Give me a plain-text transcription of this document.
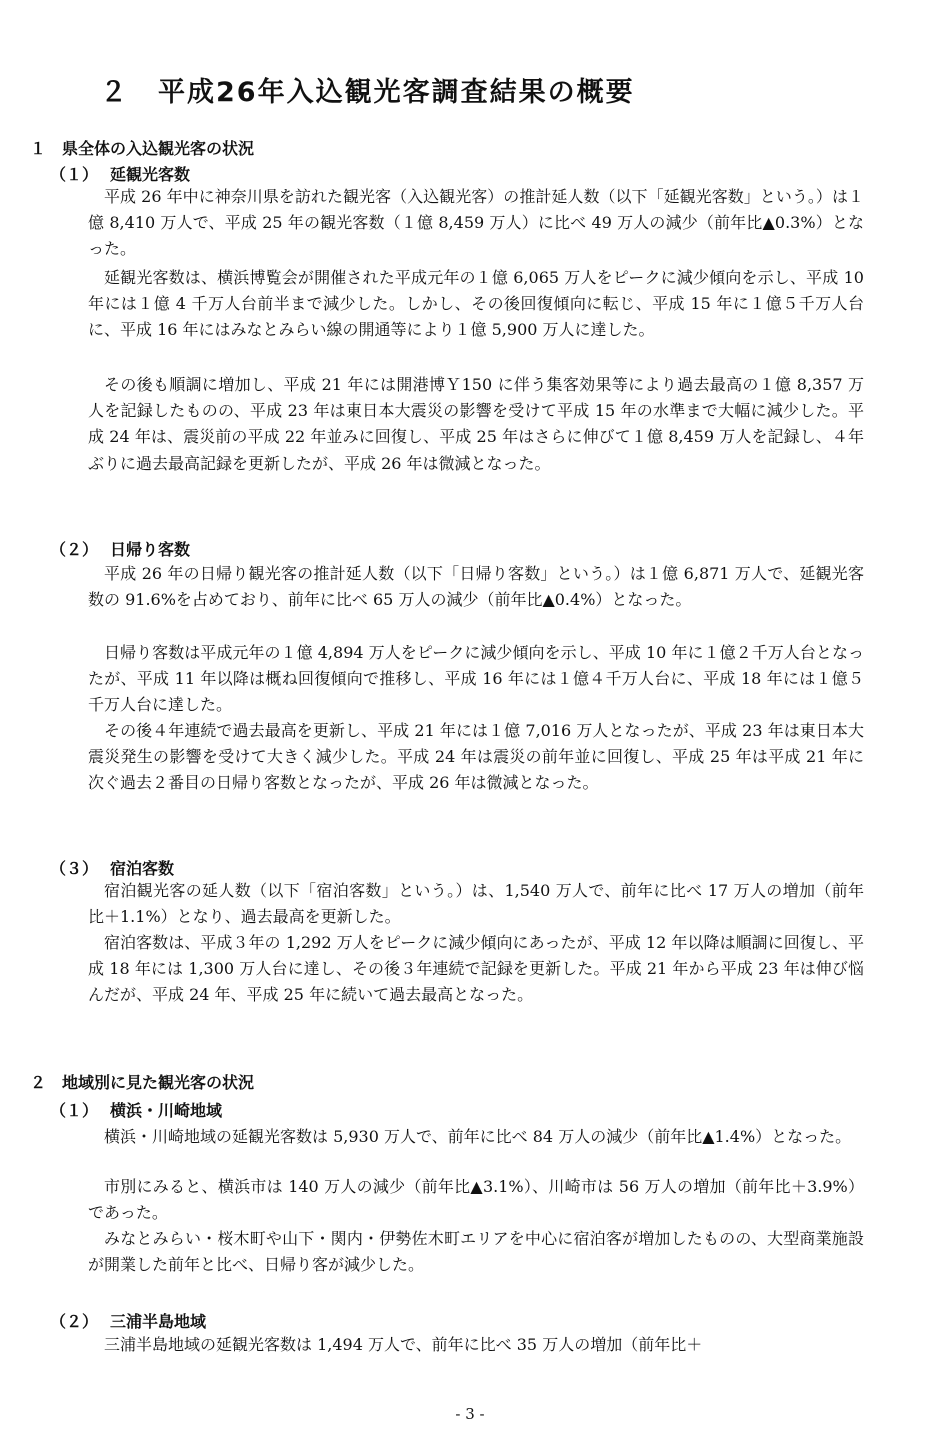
２　平成26年入込観光客調査結果の概要
１　県全体の入込観光客の状況
（１） 延観光客数

平成 26 年中に神奈川県を訪れた観光客（入込観光客）の推計延人数（以下「延観光客数」という。）は１億 8,410 万人で、平成 25 年の観光客数（１億 8,459 万人）に比べ 49 万人の減少（前年比▲0.3%）となった。

延観光客数は、横浜博覧会が開催された平成元年の１億 6,065 万人をピークに減少傾向を示し、平成 10 年には１億 4 千万人台前半まで減少した。しかし、その後回復傾向に転じ、平成 15 年に１億５千万人台に、平成 16 年にはみなとみらい線の開通等により１億 5,900 万人に達した。

その後も順調に増加し、平成 21 年には開港博Ｙ150 に伴う集客効果等により過去最高の１億 8,357 万人を記録したものの、平成 23 年は東日本大震災の影響を受けて平成 15 年の水準まで大幅に減少した。平成 24 年は、震災前の平成 22 年並みに回復し、平成 25 年はさらに伸びて１億 8,459 万人を記録し、４年ぶりに過去最高記録を更新したが、平成 26 年は微減となった。

（２） 日帰り客数

平成 26 年の日帰り観光客の推計延人数（以下「日帰り客数」という。）は１億 6,871 万人で、延観光客数の 91.6%を占めており、前年に比べ 65 万人の減少（前年比▲0.4%）となった。

日帰り客数は平成元年の１億 4,894 万人をピークに減少傾向を示し、平成 10 年に１億２千万人台となったが、平成 11 年以降は概ね回復傾向で推移し、平成 16 年には１億４千万人台に、平成 18 年には１億５千万人台に達した。

その後４年連続で過去最高を更新し、平成 21 年には１億 7,016 万人となったが、平成 23 年は東日本大震災発生の影響を受けて大きく減少した。平成 24 年は震災の前年並に回復し、平成 25 年は平成 21 年に次ぐ過去２番目の日帰り客数となったが、平成 26 年は微減となった。

（３） 宿泊客数

宿泊観光客の延人数（以下「宿泊客数」という。）は、1,540 万人で、前年に比べ 17 万人の増加（前年比＋1.1%）となり、過去最高を更新した。

宿泊客数は、平成３年の 1,292 万人をピークに減少傾向にあったが、平成 12 年以降は順調に回復し、平成 18 年には 1,300 万人台に達し、その後３年連続で記録を更新した。平成 21 年から平成 23 年は伸び悩んだが、平成 24 年、平成 25 年に続いて過去最高となった。

２　地域別に見た観光客の状況
（１） 横浜・川崎地域

横浜・川崎地域の延観光客数は 5,930 万人で、前年に比べ 84 万人の減少（前年比▲1.4%）となった。

市別にみると、横浜市は 140 万人の減少（前年比▲3.1%）、川崎市は 56 万人の増加（前年比＋3.9%）であった。

みなとみらい・桜木町や山下・関内・伊勢佐木町エリアを中心に宿泊客が増加したものの、大型商業施設が開業した前年と比べ、日帰り客が減少した。

（２） 三浦半島地域

三浦半島地域の延観光客数は 1,494 万人で、前年に比べ 35 万人の増加（前年比＋

- 3 -
